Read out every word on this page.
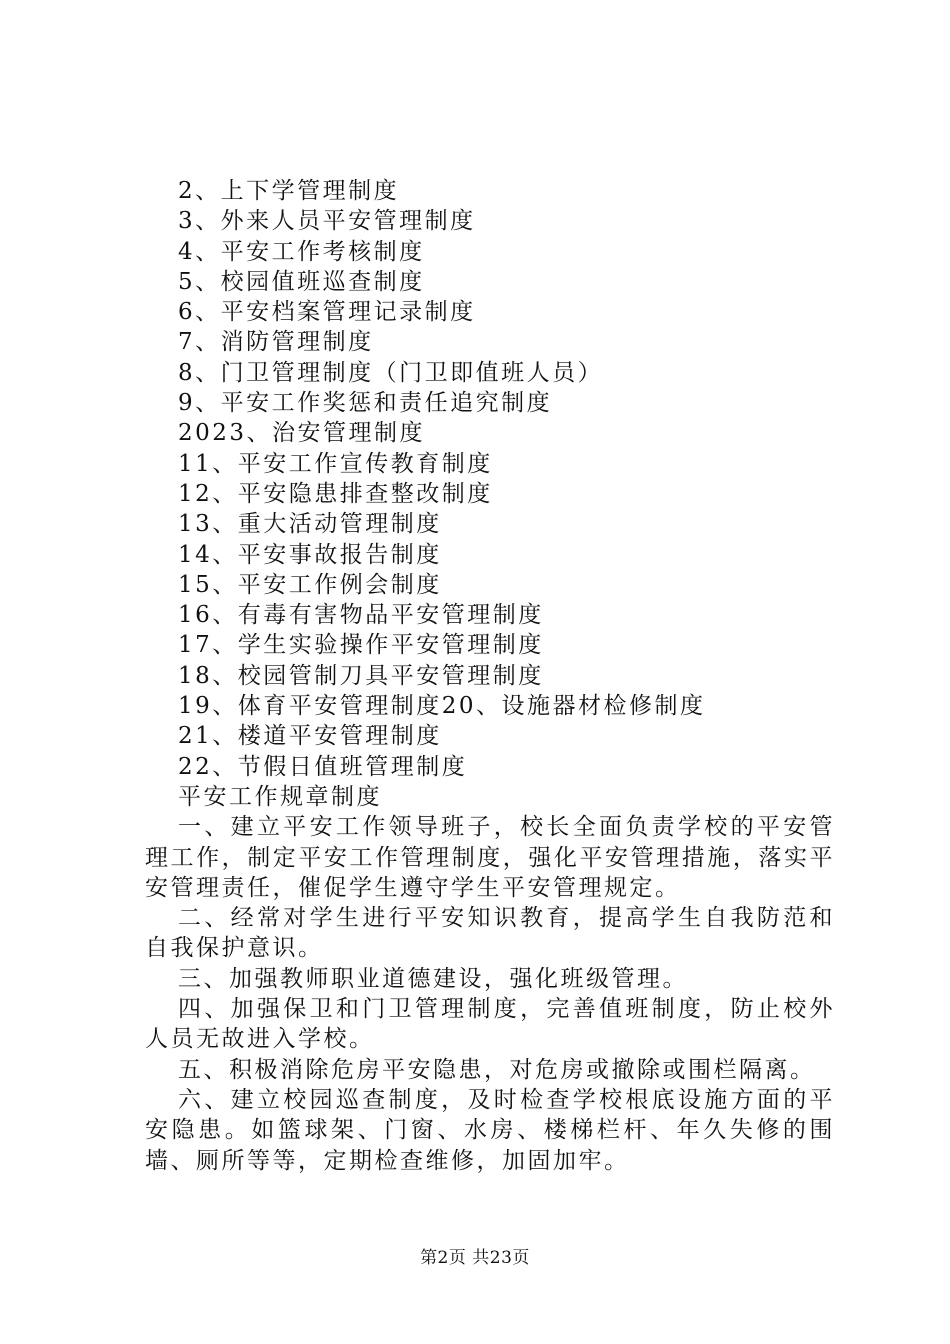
2、上下学管理制度
3、外来人员平安管理制度
4、平安工作考核制度
5、校园值班巡查制度
6、平安档案管理记录制度
7、消防管理制度
8、门卫管理制度（门卫即值班人员）
9、平安工作奖惩和责任追究制度
2023、治安管理制度
11、平安工作宣传教育制度
12、平安隐患排查整改制度
13、重大活动管理制度
14、平安事故报告制度
15、平安工作例会制度
16、有毒有害物品平安管理制度
17、学生实验操作平安管理制度
18、校园管制刀具平安管理制度
19、体育平安管理制度20、设施器材检修制度
21、楼道平安管理制度
22、节假日值班管理制度
平安工作规章制度

一、建立平安工作领导班子，校长全面负责学校的平安管理工作，制定平安工作管理制度，强化平安管理措施，落实平安管理责任，催促学生遵守学生平安管理规定。

二、经常对学生进行平安知识教育，提高学生自我防范和自我保护意识。

三、加强教师职业道德建设，强化班级管理。

四、加强保卫和门卫管理制度，完善值班制度，防止校外人员无故进入学校。

五、积极消除危房平安隐患，对危房或撤除或围栏隔离。

六、建立校园巡查制度，及时检查学校根底设施方面的平安隐患。如篮球架、门窗、水房、楼梯栏杆、年久失修的围墙、厕所等等，定期检查维修，加固加牢。

第2页 共23页
